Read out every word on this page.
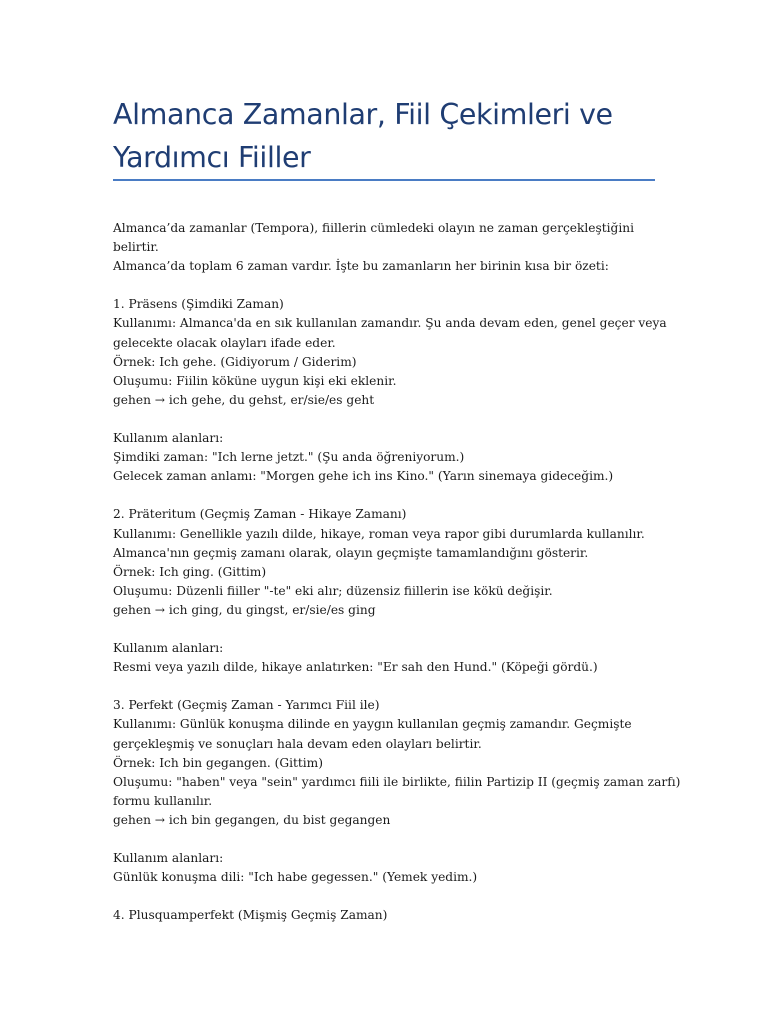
Almanca Zamanlar, Fiil Çekimleri ve
Yardımcı Fiiller
Almanca’da zamanlar (Tempora), fiillerin cümledeki olayın ne zaman gerçekleştiğini
belirtir.
Almanca’da toplam 6 zaman vardır. İşte bu zamanların her birinin kısa bir özeti:
1. Präsens (Şimdiki Zaman)
Kullanımı: Almanca'da en sık kullanılan zamandır. Şu anda devam eden, genel geçer veya
gelecekte olacak olayları ifade eder.
Örnek: Ich gehe. (Gidiyorum / Giderim)
Oluşumu: Fiilin köküne uygun kişi eki eklenir.
gehen → ich gehe, du gehst, er/sie/es geht
Kullanım alanları:
Şimdiki zaman: "Ich lerne jetzt." (Şu anda öğreniyorum.)
Gelecek zaman anlamı: "Morgen gehe ich ins Kino." (Yarın sinemaya gideceğim.)
2. Präteritum (Geçmiş Zaman - Hikaye Zamanı)
Kullanımı: Genellikle yazılı dilde, hikaye, roman veya rapor gibi durumlarda kullanılır.
Almanca'nın geçmiş zamanı olarak, olayın geçmişte tamamlandığını gösterir.
Örnek: Ich ging. (Gittim)
Oluşumu: Düzenli fiiller "-te" eki alır; düzensiz fiillerin ise kökü değişir.
gehen → ich ging, du gingst, er/sie/es ging
Kullanım alanları:
Resmi veya yazılı dilde, hikaye anlatırken: "Er sah den Hund." (Köpeği gördü.)
3. Perfekt (Geçmiş Zaman - Yarımcı Fiil ile)
Kullanımı: Günlük konuşma dilinde en yaygın kullanılan geçmiş zamandır. Geçmişte
gerçekleşmiş ve sonuçları hala devam eden olayları belirtir.
Örnek: Ich bin gegangen. (Gittim)
Oluşumu: "haben" veya "sein" yardımcı fiili ile birlikte, fiilin Partizip II (geçmiş zaman zarfı)
formu kullanılır.
gehen → ich bin gegangen, du bist gegangen
Kullanım alanları:
Günlük konuşma dili: "Ich habe gegessen." (Yemek yedim.)
4. Plusquamperfekt (Mişmiş Geçmiş Zaman)
